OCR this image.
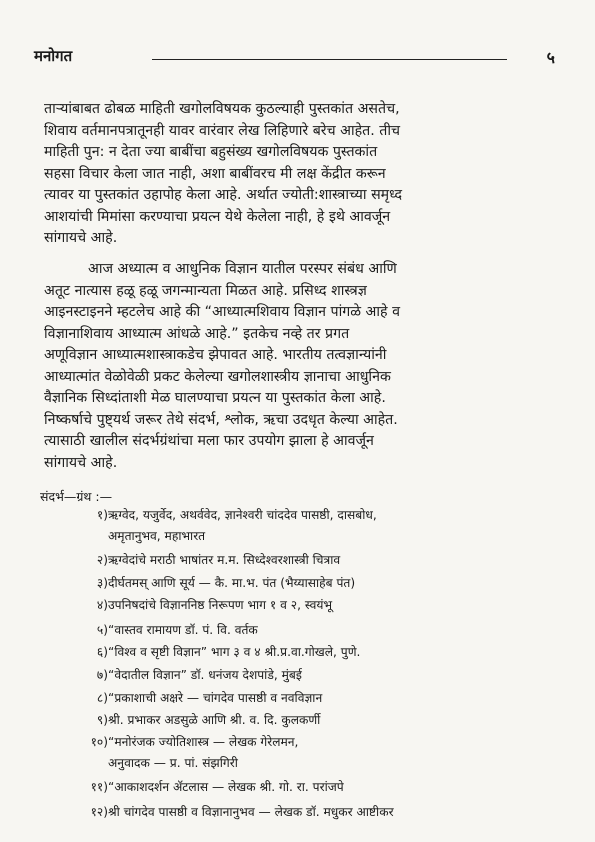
मनोगत	५
ताऱ्यांबाबत ढोबळ माहिती खगोलविषयक कुठल्याही पुस्तकांत असतेच,
शिवाय वर्तमानपत्रातूनही यावर वारंवार लेख लिहिणारे बरेच आहेत. तीच
माहिती पुन: न देता ज्या बाबींचा बहुसंख्य खगोलविषयक पुस्तकांत
सहसा विचार केला जात नाही, अशा बाबींवरच मी लक्ष केंद्रीत करून
त्यावर या पुस्तकांत उहापोह केला आहे. अर्थात ज्योती:शास्त्राच्या समृध्द
आशयांची मिमांसा करण्याचा प्रयत्न येथे केलेला नाही, हे इथे आवर्जून
सांगायचे आहे.
आज अध्यात्म व आधुनिक विज्ञान यातील परस्पर संबंध आणि
अतूट नात्यास हळू हळू जगन्मान्यता मिळत आहे. प्रसिध्द शास्त्रज्ञ
आइनस्टाइनने म्हटलेच आहे की “आध्यात्मशिवाय विज्ञान पांगळे आहे व
विज्ञानाशिवाय आध्यात्म आंधळे आहे.” इतकेच नव्हे तर प्रगत
अणूविज्ञान आध्यात्मशास्त्राकडेच झेपावत आहे. भारतीय तत्वज्ञान्यांनी
आध्यात्मांत वेळोवेळी प्रकट केलेल्या खगोलशास्त्रीय ज्ञानाचा आधुनिक
वैज्ञानिक सिध्दांताशी मेळ घालण्याचा प्रयत्न या पुस्तकांत केला आहे.
निष्कर्षाचे पुष्ट्यर्थ जरूर तेथे संदर्भ, श्लोक, ऋचा उदधृत केल्या आहेत.
त्यासाठी खालील संदर्भग्रंथांचा मला फार उपयोग झाला हे आवर्जून
सांगायचे आहे.
संदर्भ—ग्रंथ :—
१) ऋग्वेद, यजुर्वेद, अथर्ववेद, ज्ञानेश्वरी चांददेव पासष्ठी, दासबोध,
अमृतानुभव, महाभारत
२) ऋग्वेदांचे मराठी भाषांतर म.म. सिध्देश्वरशास्त्री चित्राव
३) दीर्घतमस् आणि सूर्य — कै. मा.भ. पंत (भैय्यासाहेब पंत)
४) उपनिषदांचे विज्ञाननिष्ठ निरूपण भाग १ व २, स्वयंभू
५) “वास्तव रामायण डॉ. पं. वि. वर्तक
६) “विश्व व सृष्टी विज्ञान” भाग ३ व ४ श्री.प्र.वा.गोखले, पुणे.
७) “वेदातील विज्ञान” डॉ. धनंजय देशपांडे, मुंबई
८) “प्रकाशाची अक्षरे — चांगदेव पासष्ठी व नवविज्ञान
९) श्री. प्रभाकर अडसुळे आणि श्री. व. दि. कुलकर्णी
१०) “मनोरंजक ज्योतिशास्त्र — लेखक गेरेलमन,
अनुवादक — प्र. पां. संझगिरी
११) “आकाशदर्शन ॲटलास — लेखक श्री. गो. रा. परांजपे
१२) श्री चांगदेव पासष्ठी व विज्ञानानुभव — लेखक डॉ. मधुकर आष्टीकर
